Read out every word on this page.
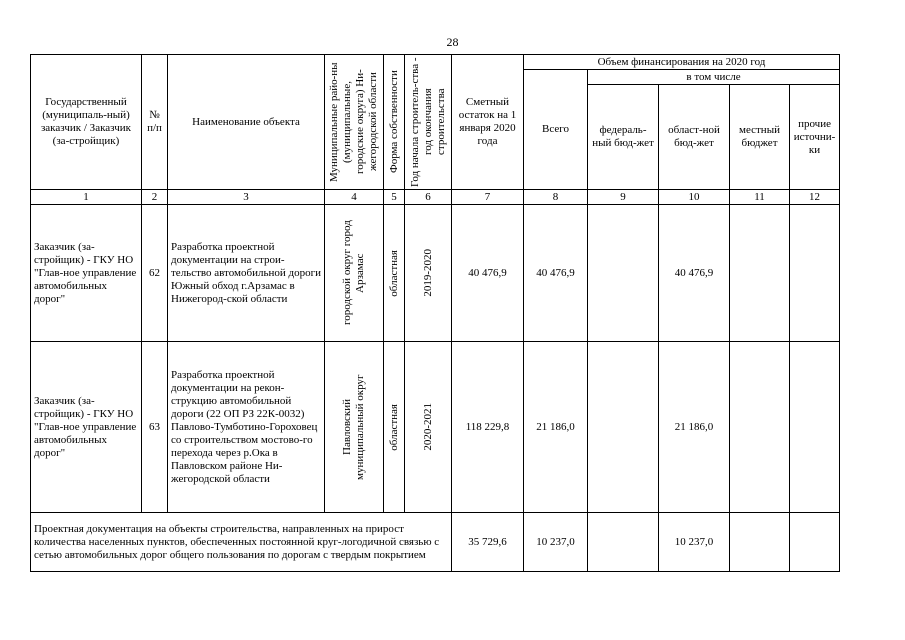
28
Государственный (муниципаль-ный) заказчик / Заказчик (за-стройщик)	№ п/п	Наименование объекта	Муниципальные райо-ны (муниципальные, городские округа) Ни-жегородской области	Форма собственности	Год начала строитель-ства - год окончания строительства	Сметный остаток на 1 января 2020 года	Объем финансирования на 2020 год				
							Всего	в том числе			
								федераль-ный бюд-жет	област-ной бюд-жет	местный бюджет	прочие источни-ки
1	2	3	4	5	6	7	8	9	10	11	12
Заказчик (за-стройщик) - ГКУ НО "Глав-ное управление автомобильных дорог"	62	Разработка проектной документации на строи-тельство автомобильной дороги Южный обход г.Арзамас в Нижегород-ской области	городской округ город Арзамас	областная	2019-2020	40 476,9	40 476,9		40 476,9		
Заказчик (за-стройщик) - ГКУ НО "Глав-ное управление автомобильных дорог"	63	Разработка проектной документации на рекон-струкцию автомобильной дороги (22 ОП РЗ 22К-0032) Павлово-Тумботино-Гороховец со строительством мостово-го перехода через р.Ока в Павловском районе Ни-жегородской области	Павловский муниципальный округ	областная	2020-2021	118 229,8	21 186,0		21 186,0		
Проектная документация на объекты строительства, направленных на прирост количества населенных пунктов, обеспеченных постоянной круг-логодичной связью с сетью автомобильных дорог общего пользования по дорогам с твердым покрытием						35 729,6	10 237,0		10 237,0		
